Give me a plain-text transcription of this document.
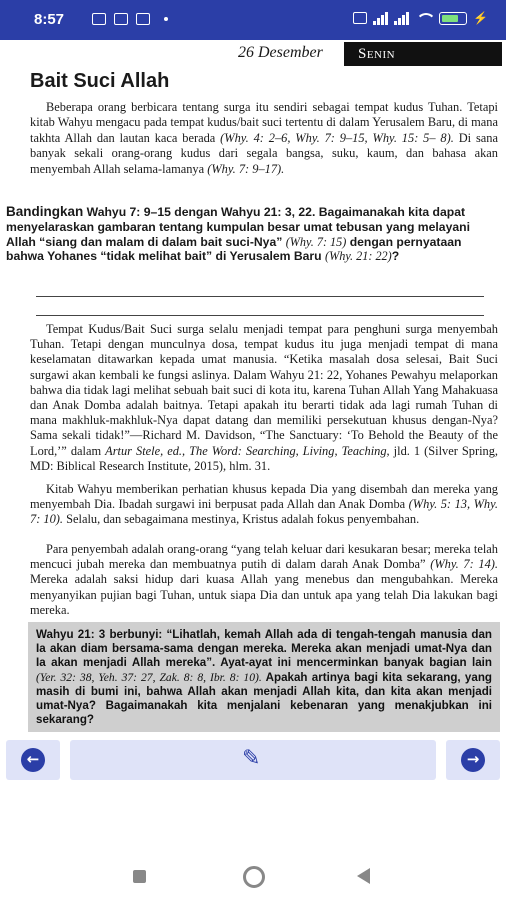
8:57	⚡
26 Desember	Senin
Bait Suci Allah

Beberapa orang berbicara tentang surga itu sendiri sebagai tempat kudus Tuhan. Tetapi kitab Wahyu mengacu pada tempat kudus/bait suci tertentu di dalam Yerusalem Baru, di mana takhta Allah dan lautan kaca berada (Why. 4: 2–6, Why. 7: 9–15, Why. 15: 5– 8). Di sana banyak sekali orang-orang kudus dari segala bangsa, suku, kaum, dan bahasa akan menyembah Allah selama-lamanya (Why. 7: 9–17).

Bandingkan Wahyu 7: 9–15 dengan Wahyu 21: 3, 22. Bagaimanakah kita dapat menyelaraskan gambaran tentang kumpulan besar umat tebusan yang melayani Allah “siang dan malam di dalam bait suci-Nya” (Why. 7: 15) dengan pernyataan bahwa Yohanes “tidak melihat bait” di Yerusalem Baru (Why. 21: 22)?

Tempat Kudus/Bait Suci surga selalu menjadi tempat para penghuni surga menyembah Tuhan. Tetapi dengan munculnya dosa, tempat kudus itu juga menjadi tempat di mana keselamatan ditawarkan kepada umat manusia. “Ketika masalah dosa selesai, Bait Suci surgawi akan kembali ke fungsi aslinya. Dalam Wahyu 21: 22, Yohanes Pewahyu melaporkan bahwa dia tidak lagi melihat sebuah bait suci di kota itu, karena Tuhan Allah Yang Mahakuasa dan Anak Domba adalah baitnya. Tetapi apakah itu berarti tidak ada lagi rumah Tuhan di mana makhluk-makhluk-Nya dapat datang dan memiliki persekutuan khusus dengan-Nya? Sama sekali tidak!”—Richard M. Davidson, “The Sanctuary: ‘To Behold the Beauty of the Lord,’” dalam Artur Stele, ed., The Word: Searching, Living, Teaching, jld. 1 (Silver Spring, MD: Biblical Research Institute, 2015), hlm. 31.

Kitab Wahyu memberikan perhatian khusus kepada Dia yang disembah dan mereka yang menyembah Dia. Ibadah surgawi ini berpusat pada Allah dan Anak Domba (Why. 5: 13, Why. 7: 10). Selalu, dan sebagaimana mestinya, Kristus adalah fokus penyembahan.

Para penyembah adalah orang-orang “yang telah keluar dari kesukaran besar; mereka telah mencuci jubah mereka dan membuatnya putih di dalam darah Anak Domba” (Why. 7: 14). Mereka adalah saksi hidup dari kuasa Allah yang menebus dan mengubahkan. Mereka menyanyikan pujian bagi Tuhan, untuk siapa Dia dan untuk apa yang telah Dia lakukan bagi mereka.

Wahyu 21: 3 berbunyi: “Lihatlah, kemah Allah ada di tengah-tengah manusia dan Ia akan diam bersama-sama dengan mereka. Mereka akan menjadi umat-Nya dan Ia akan menjadi Allah mereka”. Ayat-ayat ini mencerminkan banyak bagian lain (Yer. 32: 38, Yeh. 37: 27, Zak. 8: 8, Ibr. 8: 10). Apakah artinya bagi kita sekarang, yang masih di bumi ini, bahwa Allah akan menjadi Allah kita, dan kita akan menjadi umat-Nya? Bagaimanakah kita menjalani kebenaran yang menakjubkan ini sekarang?
←	✎	→
